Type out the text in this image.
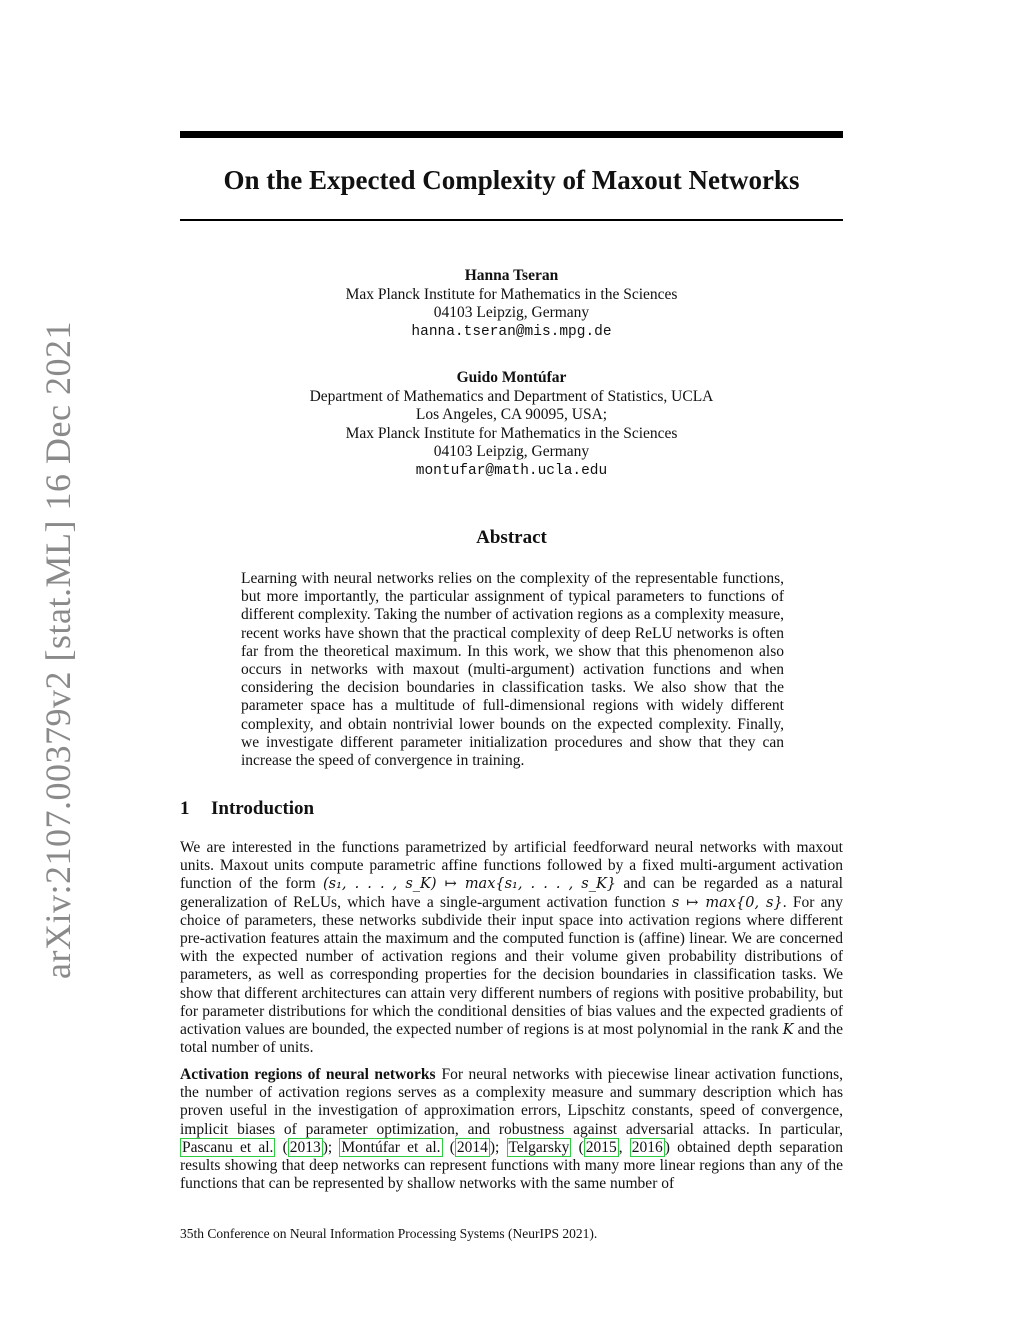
arXiv:2107.00379v2 [stat.ML] 16 Dec 2021
On the Expected Complexity of Maxout Networks
Hanna Tseran
Max Planck Institute for Mathematics in the Sciences
04103 Leipzig, Germany
hanna.tseran@mis.mpg.de
Guido Montúfar
Department of Mathematics and Department of Statistics, UCLA
Los Angeles, CA 90095, USA;
Max Planck Institute for Mathematics in the Sciences
04103 Leipzig, Germany
montufar@math.ucla.edu
Abstract

Learning with neural networks relies on the complexity of the representable functions, but more importantly, the particular assignment of typical parameters to functions of different complexity. Taking the number of activation regions as a complexity measure, recent works have shown that the practical complexity of deep ReLU networks is often far from the theoretical maximum. In this work, we show that this phenomenon also occurs in networks with maxout (multi-argument) activation functions and when considering the decision boundaries in classification tasks. We also show that the parameter space has a multitude of full-dimensional regions with widely different complexity, and obtain nontrivial lower bounds on the expected complexity. Finally, we investigate different parameter initialization procedures and show that they can increase the speed of convergence in training.

1 Introduction

We are interested in the functions parametrized by artificial feedforward neural networks with maxout units. Maxout units compute parametric affine functions followed by a fixed multi-argument activation function of the form (s₁, . . . , s_K) ↦ max{s₁, . . . , s_K} and can be regarded as a natural generalization of ReLUs, which have a single-argument activation function s ↦ max{0, s}. For any choice of parameters, these networks subdivide their input space into activation regions where different pre-activation features attain the maximum and the computed function is (affine) linear. We are concerned with the expected number of activation regions and their volume given probability distributions of parameters, as well as corresponding properties for the decision boundaries in classification tasks. We show that different architectures can attain very different numbers of regions with positive probability, but for parameter distributions for which the conditional densities of bias values and the expected gradients of activation values are bounded, the expected number of regions is at most polynomial in the rank K and the total number of units.

Activation regions of neural networks For neural networks with piecewise linear activation functions, the number of activation regions serves as a complexity measure and summary description which has proven useful in the investigation of approximation errors, Lipschitz constants, speed of convergence, implicit biases of parameter optimization, and robustness against adversarial attacks. In particular, Pascanu et al. ( 2013 ); Montúfar et al. ( 2014 ); Telgarsky ( 2015 , 2016 ) obtained depth separation results showing that deep networks can represent functions with many more linear regions than any of the functions that can be represented by shallow networks with the same number of

35th Conference on Neural Information Processing Systems (NeurIPS 2021).
